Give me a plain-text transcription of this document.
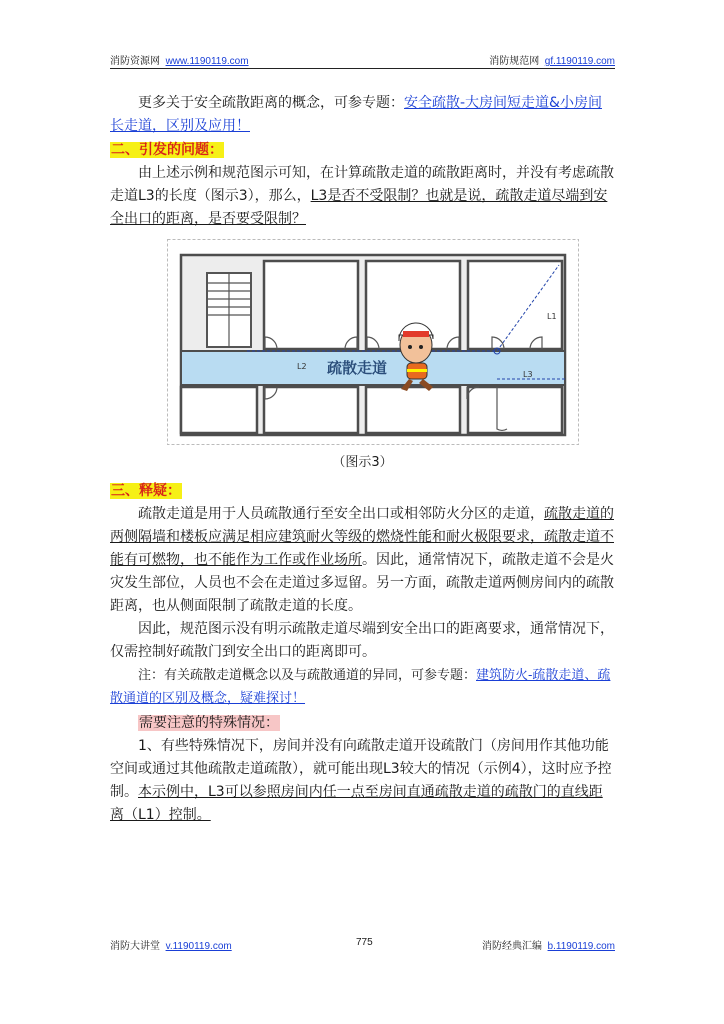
消防资源网 www.1190119.com	消防规范网 gf.1190119.com

更多关于安全疏散距离的概念，可参专题：安全疏散-大房间短走道&小房间长走道，区别及应用！

二、引发的问题：

由上述示例和规范图示可知，在计算疏散走道的疏散距离时，并没有考虑疏散走道L3的长度（图示3），那么，L3是否不受限制？也就是说，疏散走道尽端到安全出口的距离，是否要受限制？

L1
L2
L3
疏散走道

（图示3）

三、释疑：

疏散走道是用于人员疏散通行至安全出口或相邻防火分区的走道，疏散走道的两侧隔墙和楼板应满足相应建筑耐火等级的燃烧性能和耐火极限要求，疏散走道不能有可燃物，也不能作为工作或作业场所。因此，通常情况下，疏散走道不会是火灾发生部位，人员也不会在走道过多逗留。另一方面，疏散走道两侧房间内的疏散距离，也从侧面限制了疏散走道的长度。

因此，规范图示没有明示疏散走道尽端到安全出口的距离要求，通常情况下，仅需控制好疏散门到安全出口的距离即可。

注：有关疏散走道概念以及与疏散通道的异同，可参专题：建筑防火-疏散走道、疏散通道的区别及概念，疑难探讨！

需要注意的特殊情况：

1、有些特殊情况下，房间并没有向疏散走道开设疏散门（房间用作其他功能空间或通过其他疏散走道疏散），就可能出现L3较大的情况（示例4），这时应予控制。本示例中，L3可以参照房间内任一点至房间直通疏散走道的疏散门的直线距离（L1）控制。

消防大讲堂 v.1190119.com	775	消防经典汇编 b.1190119.com
